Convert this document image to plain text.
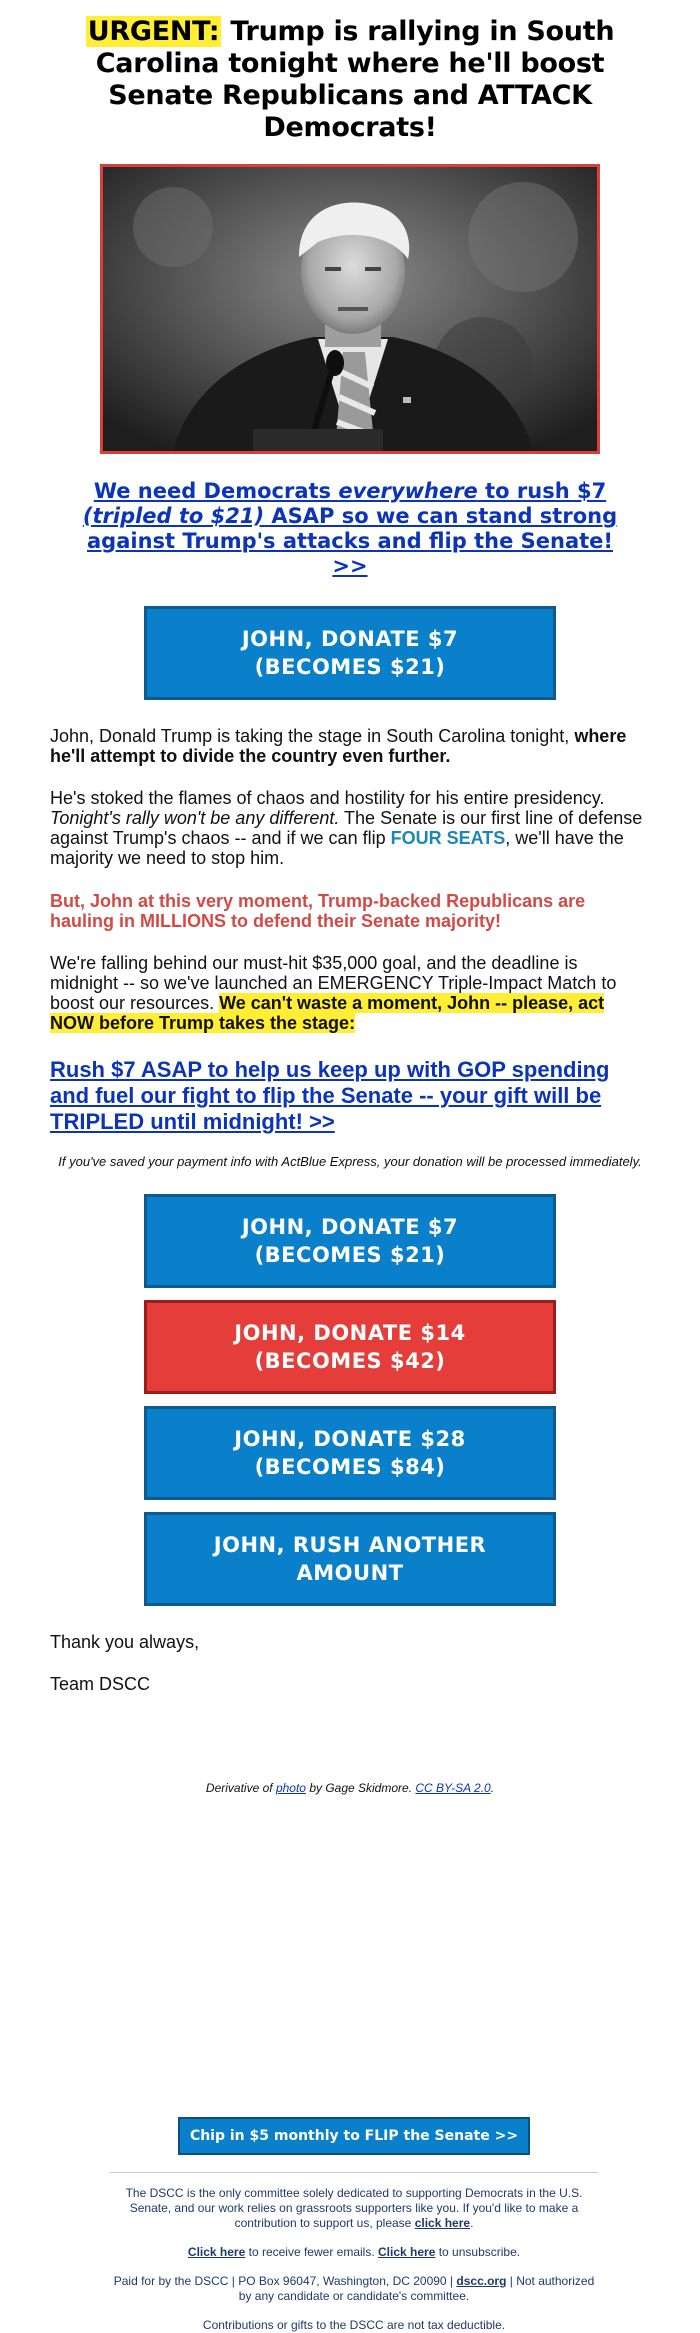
URGENT: Trump is rallying in South Carolina tonight where he'll boost Senate Republicans and ATTACK Democrats!
We need Democrats everywhere to rush $7 (tripled to $21) ASAP so we can stand strong against Trump's attacks and flip the Senate! >>
JOHN, DONATE $7
(BECOMES $21)

John, Donald Trump is taking the stage in South Carolina tonight, where he'll attempt to divide the country even further.

He's stoked the flames of chaos and hostility for his entire presidency. Tonight's rally won't be any different. The Senate is our first line of defense against Trump's chaos -- and if we can flip FOUR SEATS, we'll have the majority we need to stop him.

But, John at this very moment, Trump-backed Republicans are hauling in MILLIONS to defend their Senate majority!

We're falling behind our must-hit $35,000 goal, and the deadline is midnight -- so we've launched an EMERGENCY Triple-Impact Match to boost our resources. We can't waste a moment, John -- please, act NOW before Trump takes the stage:

Rush $7 ASAP to help us keep up with GOP spending and fuel our fight to flip the Senate -- your gift will be TRIPLED until midnight! >>

If you've saved your payment info with ActBlue Express, your donation will be processed immediately.

JOHN, DONATE $7
(BECOMES $21)
JOHN, DONATE $14
(BECOMES $42)
JOHN, DONATE $28
(BECOMES $84)
JOHN, RUSH ANOTHER
AMOUNT

Thank you always,

Team DSCC

Derivative of photo by Gage Skidmore. CC BY-SA 2.0.

Chip in $5 monthly to FLIP the Senate >>

The DSCC is the only committee solely dedicated to supporting Democrats in the U.S. Senate, and our work relies on grassroots supporters like you. If you'd like to make a contribution to support us, please click here.

Click here to receive fewer emails. Click here to unsubscribe.

Paid for by the DSCC | PO Box 96047, Washington, DC 20090 | dscc.org | Not authorized by any candidate or candidate's committee.

Contributions or gifts to the DSCC are not tax deductible.
